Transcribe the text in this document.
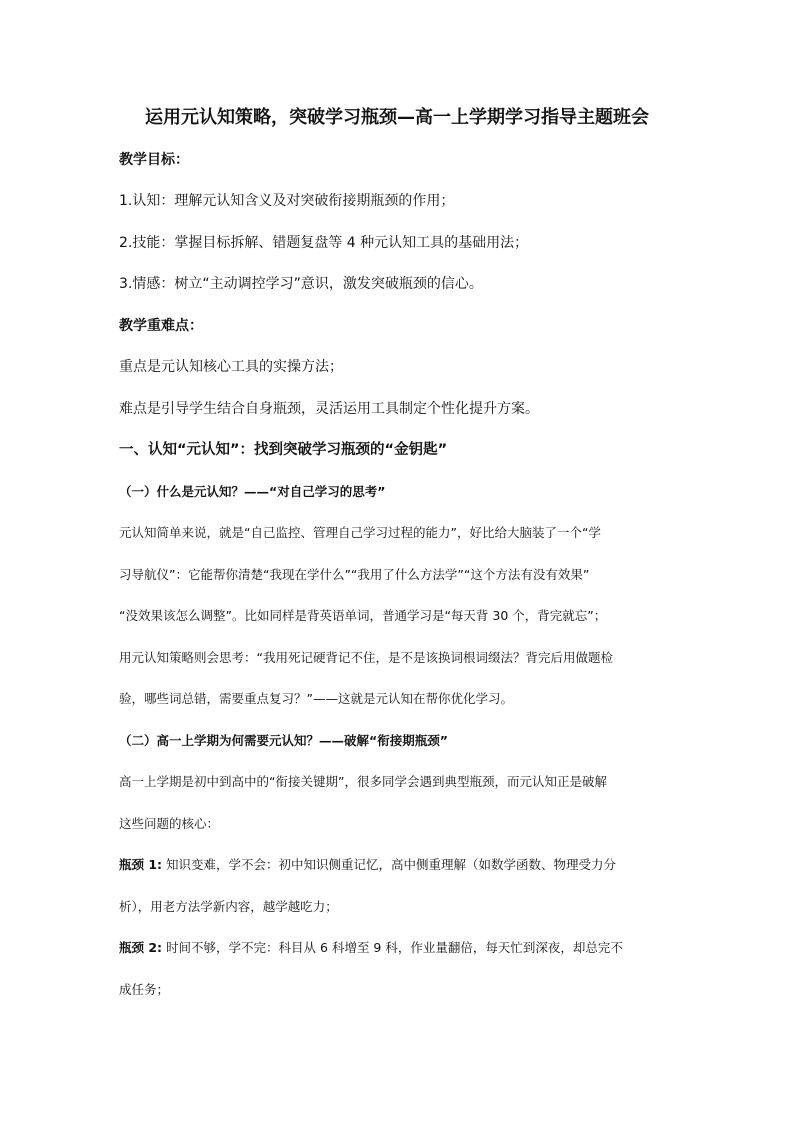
运用元认知策略，突破学习瓶颈—高一上学期学习指导主题班会
教学目标：
1.认知：理解元认知含义及对突破衔接期瓶颈的作用；
2.技能：掌握目标拆解、错题复盘等 4 种元认知工具的基础用法；
3.情感：树立“主动调控学习”意识，激发突破瓶颈的信心。
教学重难点：
重点是元认知核心工具的实操方法；
难点是引导学生结合自身瓶颈，灵活运用工具制定个性化提升方案。
一、认知“元认知”：找到突破学习瓶颈的“金钥匙”
（一）什么是元认知？——“对自己学习的思考”
元认知简单来说，就是“自己监控、管理自己学习过程的能力”，好比给大脑装了一个“学
习导航仪”：它能帮你清楚“我现在学什么”“我用了什么方法学”“这个方法有没有效果”
“没效果该怎么调整”。比如同样是背英语单词，普通学习是“每天背 30 个，背完就忘”；
用元认知策略则会思考：“我用死记硬背记不住，是不是该换词根词缀法？背完后用做题检
验，哪些词总错，需要重点复习？”——这就是元认知在帮你优化学习。
（二）高一上学期为何需要元认知？——破解“衔接期瓶颈”
高一上学期是初中到高中的“衔接关键期”，很多同学会遇到典型瓶颈，而元认知正是破解
这些问题的核心：
瓶颈 1: 知识变难，学不会：初中知识侧重记忆，高中侧重理解（如数学函数、物理受力分
析），用老方法学新内容，越学越吃力；
瓶颈 2: 时间不够，学不完：科目从 6 科增至 9 科，作业量翻倍，每天忙到深夜，却总完不
成任务；
